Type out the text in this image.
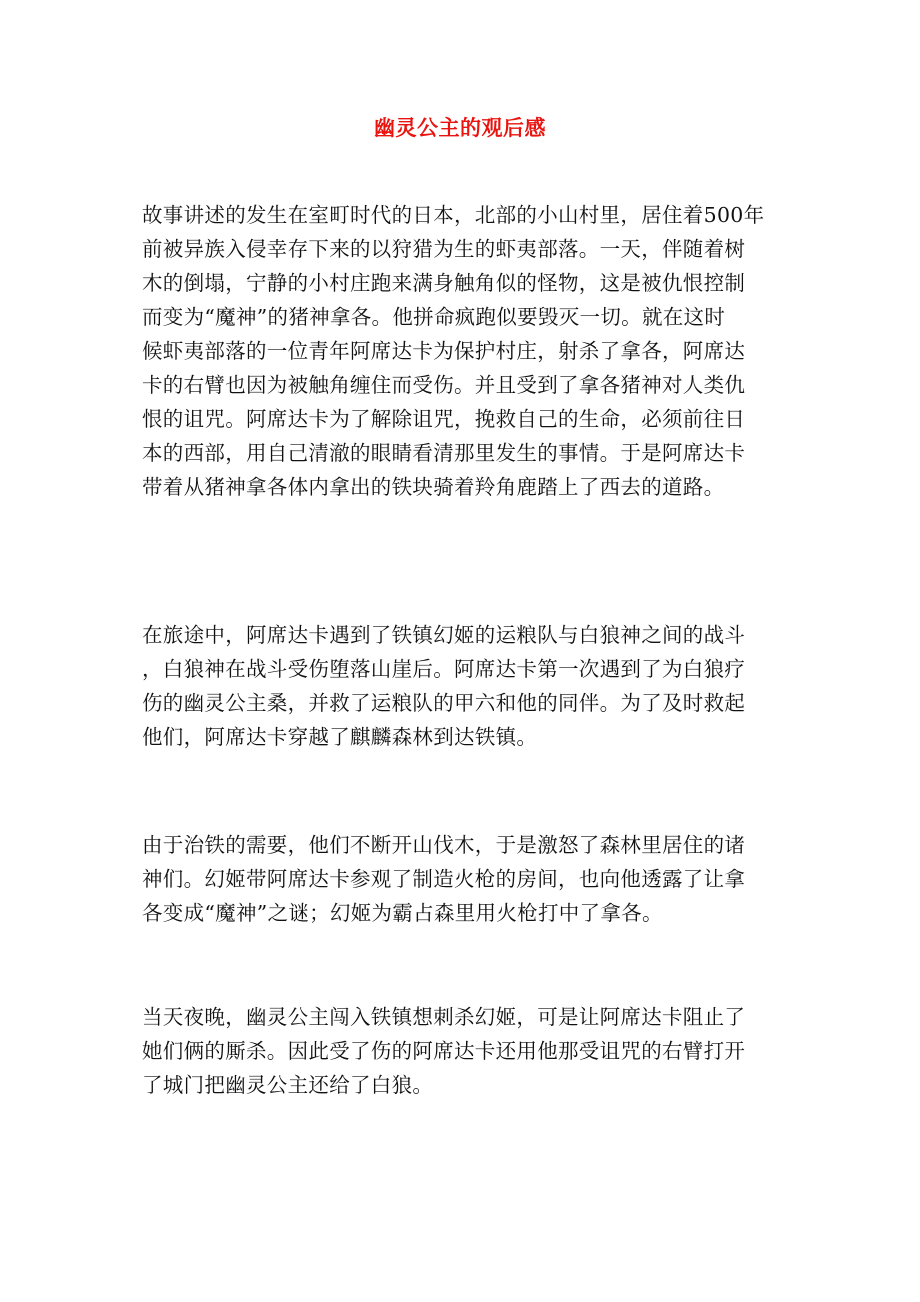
幽灵公主的观后感

故事讲述的发生在室町时代的日本，北部的小山村里，居住着500年
前被异族入侵幸存下来的以狩猎为生的虾夷部落。一天，伴随着树
木的倒塌，宁静的小村庄跑来满身触角似的怪物，这是被仇恨控制
而变为“魔神”的猪神拿各。他拼命疯跑似要毁灭一切。就在这时
候虾夷部落的一位青年阿席达卡为保护村庄，射杀了拿各，阿席达
卡的右臂也因为被触角缠住而受伤。并且受到了拿各猪神对人类仇
恨的诅咒。阿席达卡为了解除诅咒，挽救自己的生命，必须前往日
本的西部，用自己清澈的眼睛看清那里发生的事情。于是阿席达卡
带着从猪神拿各体内拿出的铁块骑着羚角鹿踏上了西去的道路。

在旅途中，阿席达卡遇到了铁镇幻姬的运粮队与白狼神之间的战斗
，白狼神在战斗受伤堕落山崖后。阿席达卡第一次遇到了为白狼疗
伤的幽灵公主桑，并救了运粮队的甲六和他的同伴。为了及时救起
他们，阿席达卡穿越了麒麟森林到达铁镇。

由于治铁的需要，他们不断开山伐木，于是激怒了森林里居住的诸
神们。幻姬带阿席达卡参观了制造火枪的房间，也向他透露了让拿
各变成“魔神”之谜；幻姬为霸占森里用火枪打中了拿各。

当天夜晚，幽灵公主闯入铁镇想刺杀幻姬，可是让阿席达卡阻止了
她们俩的厮杀。因此受了伤的阿席达卡还用他那受诅咒的右臂打开
了城门把幽灵公主还给了白狼。
